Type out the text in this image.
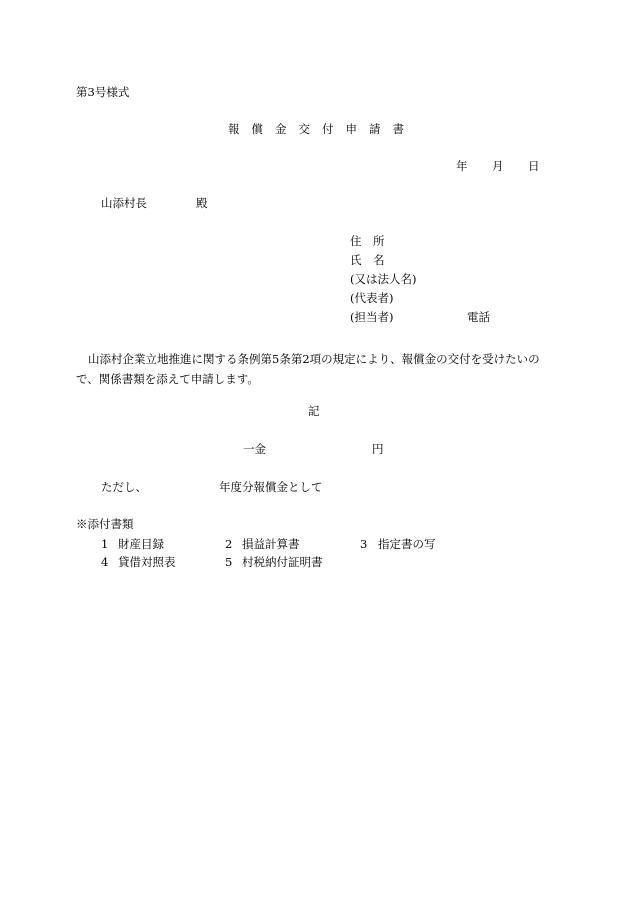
第3号様式
報償金交付申請書
年 月 日
山添村長	殿
住　所
氏　名
(又は法人名)
(代表者)
(担当者)	電話
山添村企業立地推進に関する条例第5条第2項の規定により、報償金の交付を受けたいので、関係書類を添えて申請します。
記
一金	円
ただし、	年度分報償金として
※添付書類
1 財産目録	2 損益計算書	3 指定書の写
4 貸借対照表	5 村税納付証明書
